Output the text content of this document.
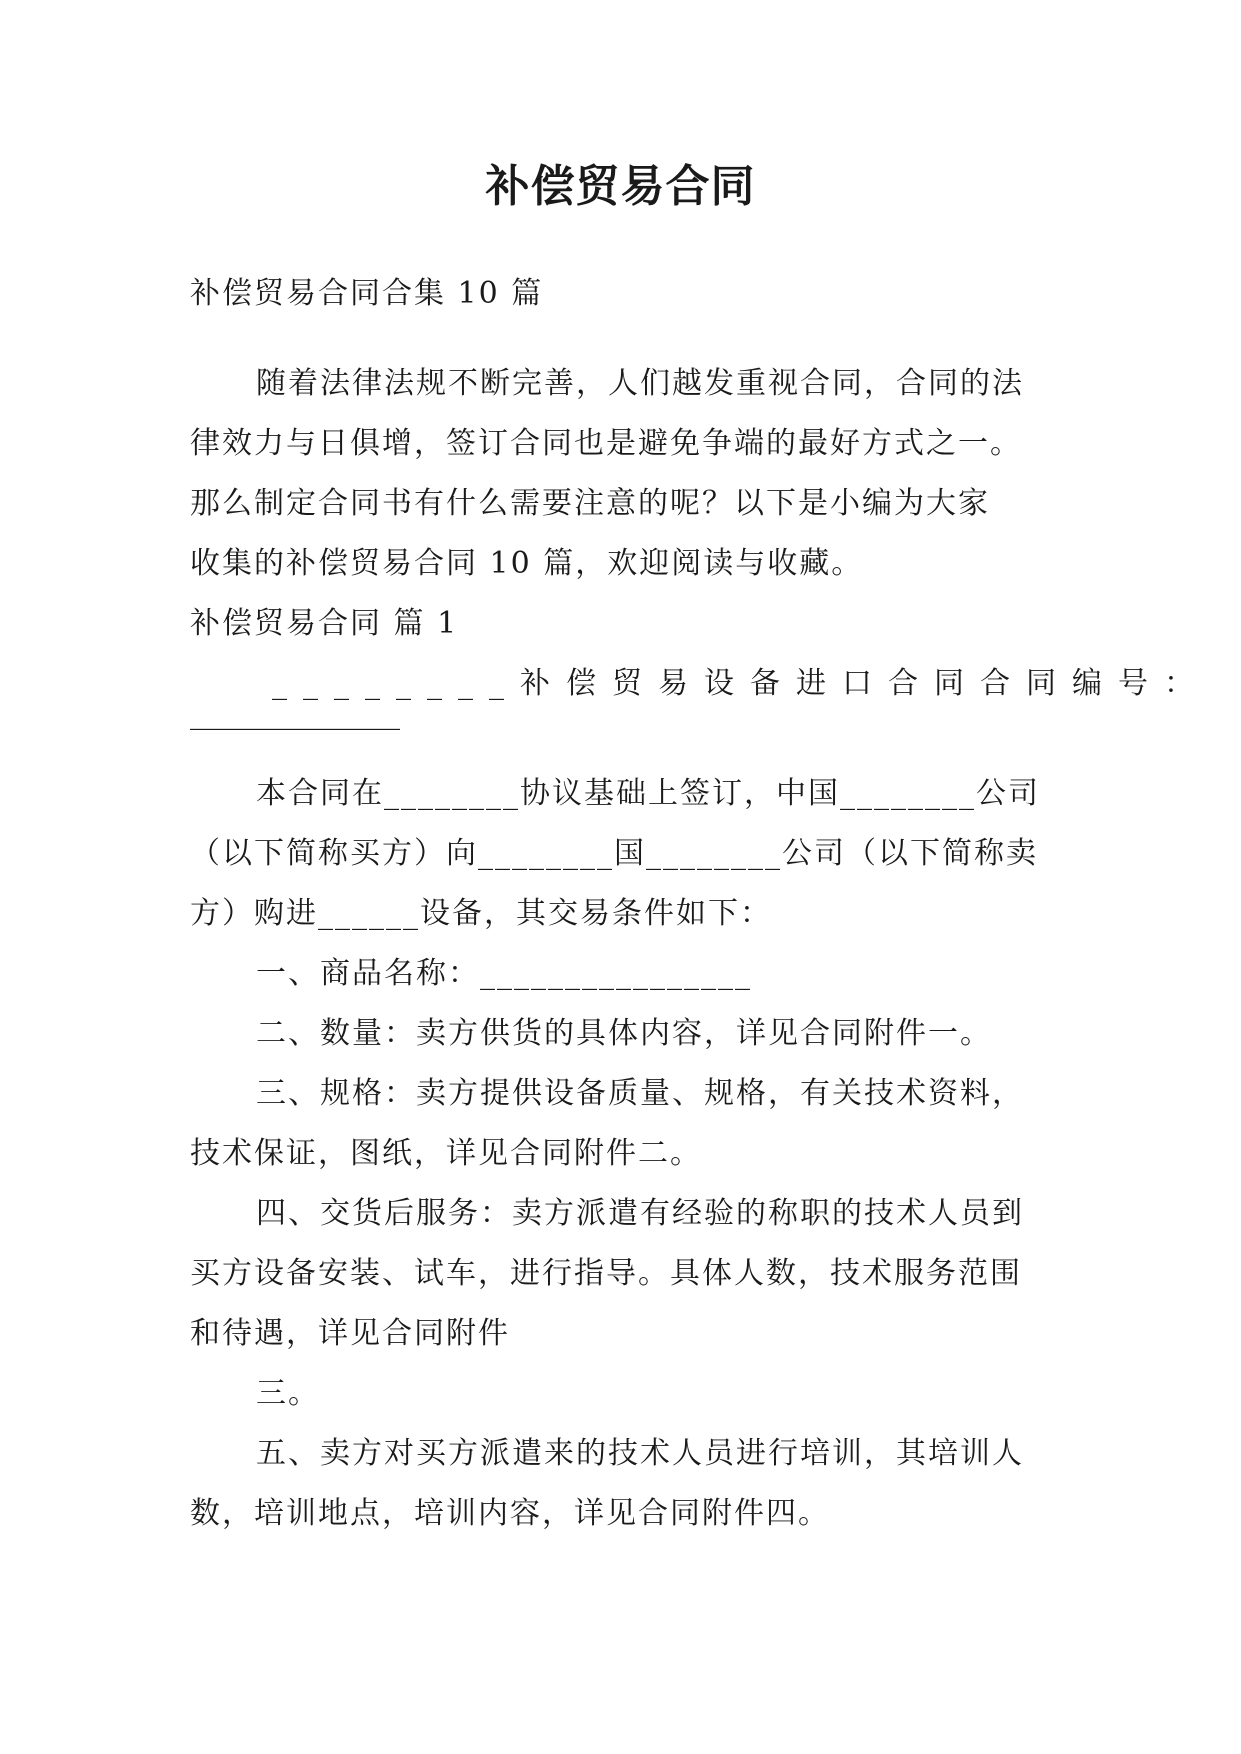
补偿贸易合同
补偿贸易合同合集 10 篇
随着法律法规不断完善，人们越发重视合同，合同的法
律效力与日俱增，签订合同也是避免争端的最好方式之一。
那么制定合同书有什么需要注意的呢？以下是小编为大家
收集的补偿贸易合同 10 篇，欢迎阅读与收藏。
补偿贸易合同 篇 1
________补偿贸易设备进口合同合同编号：
______________
本合同在________协议基础上签订，中国________公司
（以下简称买方）向________国________公司（以下简称卖
方）购进______设备，其交易条件如下：
一、商品名称：________________
二、数量：卖方供货的具体内容，详见合同附件一。
三、规格：卖方提供设备质量、规格，有关技术资料，
技术保证，图纸，详见合同附件二。
四、交货后服务：卖方派遣有经验的称职的技术人员到
买方设备安装、试车，进行指导。具体人数，技术服务范围
和待遇，详见合同附件
三。
五、卖方对买方派遣来的技术人员进行培训，其培训人
数，培训地点，培训内容，详见合同附件四。
